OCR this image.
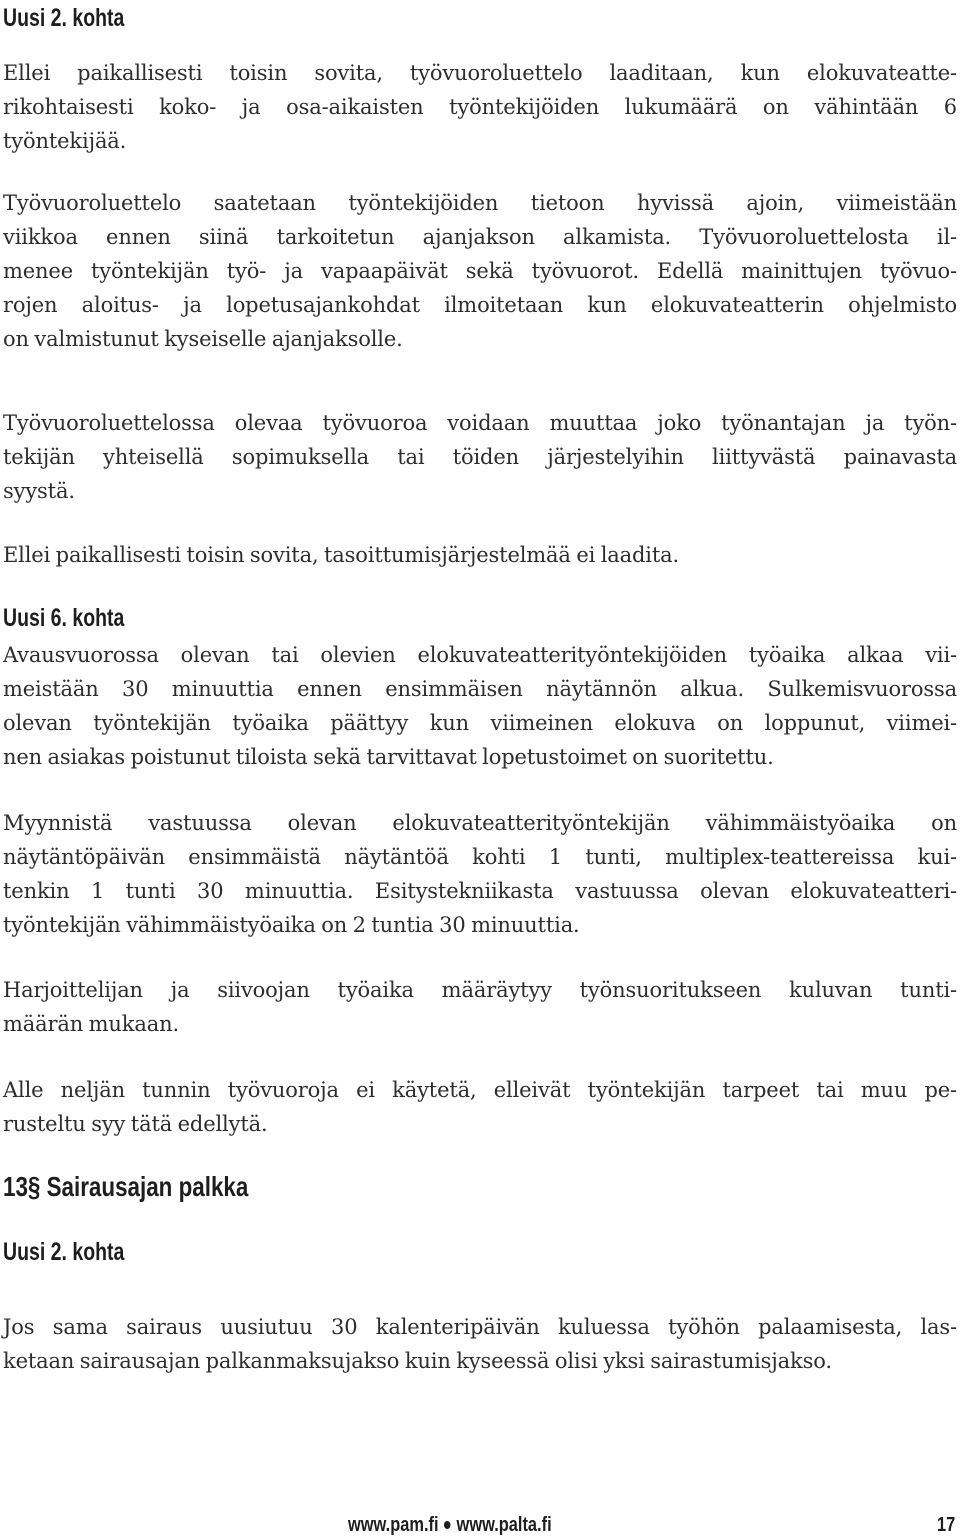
Uusi 2. kohta

Ellei paikallisesti toisin sovita, työvuoroluettelo laaditaan, kun elokuvateatte-
rikohtaisesti koko- ja osa-aikaisten työntekijöiden lukumäärä on vähintään 6
työntekijää.

Työvuoroluettelo saatetaan työntekijöiden tietoon hyvissä ajoin, viimeistään
viikkoa ennen siinä tarkoitetun ajanjakson alkamista. Työvuoroluettelosta il-
menee työntekijän työ- ja vapaapäivät sekä työvuorot. Edellä mainittujen työvuo-
rojen aloitus- ja lopetusajankohdat ilmoitetaan kun elokuvateatterin ohjelmisto
on valmistunut kyseiselle ajanjaksolle.

Työvuoroluettelossa olevaa työvuoroa voidaan muuttaa joko työnantajan ja työn-
tekijän yhteisellä sopimuksella tai töiden järjestelyihin liittyvästä painavasta
syystä.

Ellei paikallisesti toisin sovita, tasoittumisjärjestelmää ei laadita.

Uusi 6. kohta

Avausvuorossa olevan tai olevien elokuvateatterityöntekijöiden työaika alkaa vii-
meistään 30 minuuttia ennen ensimmäisen näytännön alkua. Sulkemisvuorossa
olevan työntekijän työaika päättyy kun viimeinen elokuva on loppunut, viimei-
nen asiakas poistunut tiloista sekä tarvittavat lopetustoimet on suoritettu.

Myynnistä vastuussa olevan elokuvateatterityöntekijän vähimmäistyöaika on
näytäntöpäivän ensimmäistä näytäntöä kohti 1 tunti, multiplex-teattereissa kui-
tenkin 1 tunti 30 minuuttia. Esitystekniikasta vastuussa olevan elokuvateatteri-
työntekijän vähimmäistyöaika on 2 tuntia 30 minuuttia.

Harjoittelijan ja siivoojan työaika määräytyy työnsuoritukseen kuluvan tunti-
määrän mukaan.

Alle neljän tunnin työvuoroja ei käytetä, elleivät työntekijän tarpeet tai muu pe-
rusteltu syy tätä edellytä.

13§ Sairausajan palkka
Uusi 2. kohta

Jos sama sairaus uusiutuu 30 kalenteripäivän kuluessa työhön palaamisesta, las-
ketaan sairausajan palkanmaksujakso kuin kyseessä olisi yksi sairastumisjakso.

www.pam.fi www.palta.fi	17
